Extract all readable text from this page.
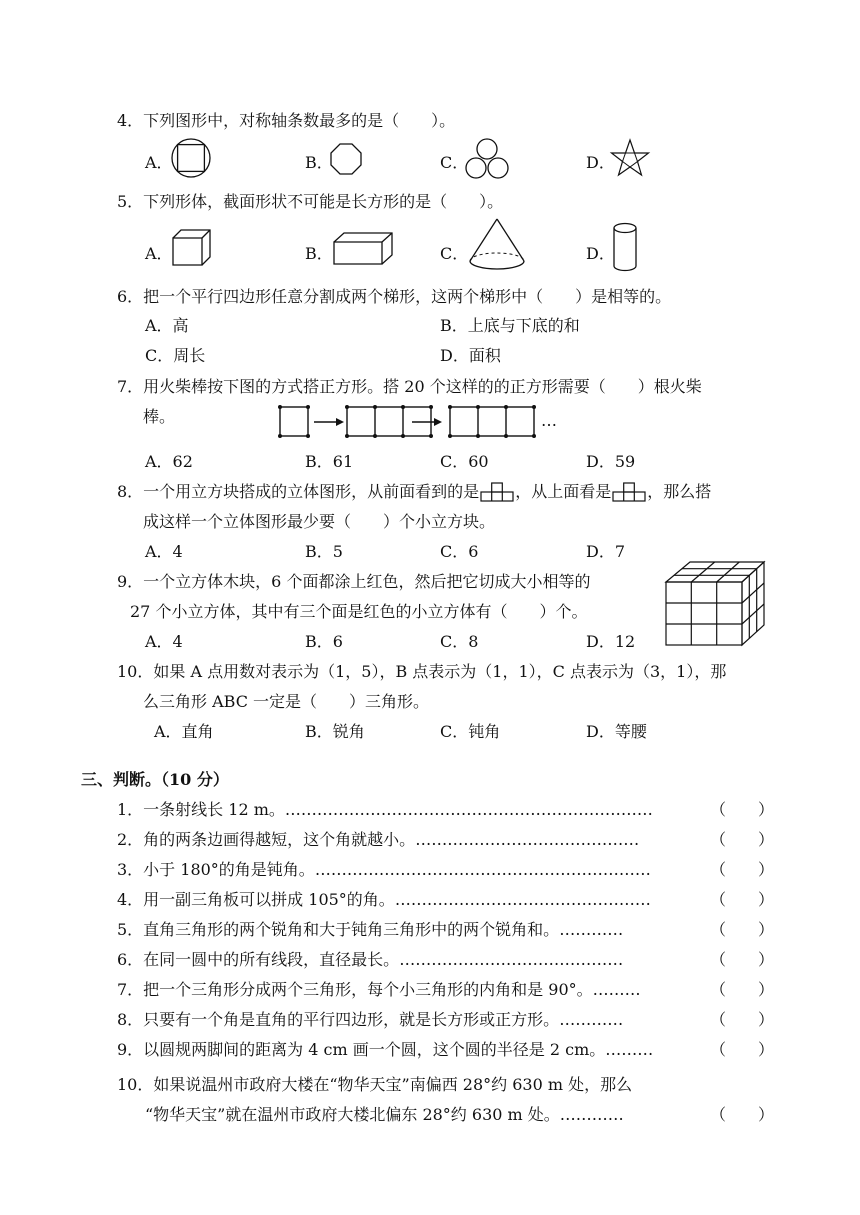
4．下列图形中，对称轴条数最多的是（　　）。
A．	B．	C．	D．
5．下列形体，截面形状不可能是长方形的是（　　）。
A．	B．	C．	D．
6．把一个平行四边形任意分割成两个梯形，这两个梯形中（　　）是相等的。
A．高	B．上底与下底的和
C．周长	D．面积
7．用火柴棒按下图的方式搭正方形。搭 20 个这样的的正方形需要（　　）根火柴
棒。	…
A．62	B．61	C．60	D．59
8．一个用立方块搭成的立体图形，从前面看到的是 ，从上面看是 ，那么搭
成这样一个立体图形最少要（　　）个小立方块。
A．4	B．5	C．6	D．7
9．一个立方体木块，6 个面都涂上红色，然后把它切成大小相等的
27 个小立方体，其中有三个面是红色的小立方体有（　　）个。
A．4	B．6	C．8	D．12
10．如果 A 点用数对表示为（1，5），B 点表示为（1，1），C 点表示为（3，1），那
么三角形 ABC 一定是（　　）三角形。
A．直角	B．锐角	C．钝角	D．等腰
三、判断。（10 分）
1．一条射线长 12 m。……………………………………………………………	（　　）
2．角的两条边画得越短，这个角就越小。……………………………………	（　　）
3．小于 180°的角是钝角。………………………………………………………	（　　）
4．用一副三角板可以拼成 105°的角。…………………………………………	（　　）
5．直角三角形的两个锐角和大于钝角三角形中的两个锐角和。…………	（　　）
6．在同一圆中的所有线段，直径最长。……………………………………	（　　）
7．把一个三角形分成两个三角形，每个小三角形的内角和是 90°。………	（　　）
8．只要有一个角是直角的平行四边形，就是长方形或正方形。…………	（　　）
9．以圆规两脚间的距离为 4 cm 画一个圆，这个圆的半径是 2 cm。………	（　　）
10．如果说温州市政府大楼在“物华天宝”南偏西 28°约 630 m 处，那么
“物华天宝”就在温州市政府大楼北偏东 28°约 630 m 处。…………	（　　）
